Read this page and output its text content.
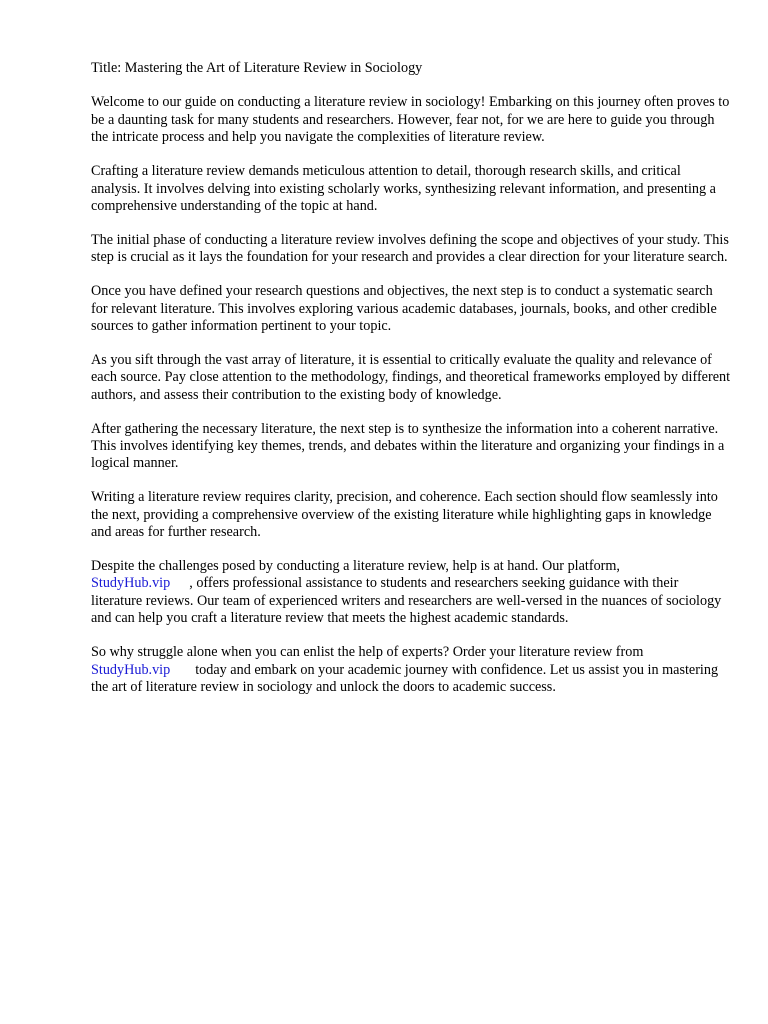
Title: Mastering the Art of Literature Review in Sociology

Welcome to our guide on conducting a literature review in sociology! Embarking on this journey often proves to be a daunting task for many students and researchers. However, fear not, for we are here to guide you through the intricate process and help you navigate the complexities of literature review.

Crafting a literature review demands meticulous attention to detail, thorough research skills, and critical analysis. It involves delving into existing scholarly works, synthesizing relevant information, and presenting a comprehensive understanding of the topic at hand.

The initial phase of conducting a literature review involves defining the scope and objectives of your study. This step is crucial as it lays the foundation for your research and provides a clear direction for your literature search.

Once you have defined your research questions and objectives, the next step is to conduct a systematic search for relevant literature. This involves exploring various academic databases, journals, books, and other credible sources to gather information pertinent to your topic.

As you sift through the vast array of literature, it is essential to critically evaluate the quality and relevance of each source. Pay close attention to the methodology, findings, and theoretical frameworks employed by different authors, and assess their contribution to the existing body of knowledge.

After gathering the necessary literature, the next step is to synthesize the information into a coherent narrative. This involves identifying key themes, trends, and debates within the literature and organizing your findings in a logical manner.

Writing a literature review requires clarity, precision, and coherence. Each section should flow seamlessly into the next, providing a comprehensive overview of the existing literature while highlighting gaps in knowledge and areas for further research.

Despite the challenges posed by conducting a literature review, help is at hand. Our platform,
StudyHub.vip , offers professional assistance to students and researchers seeking guidance with their literature reviews. Our team of experienced writers and researchers are well-versed in the nuances of sociology and can help you craft a literature review that meets the highest academic standards.

So why struggle alone when you can enlist the help of experts? Order your literature review from
StudyHub.vip today and embark on your academic journey with confidence. Let us assist you in mastering the art of literature review in sociology and unlock the doors to academic success.
